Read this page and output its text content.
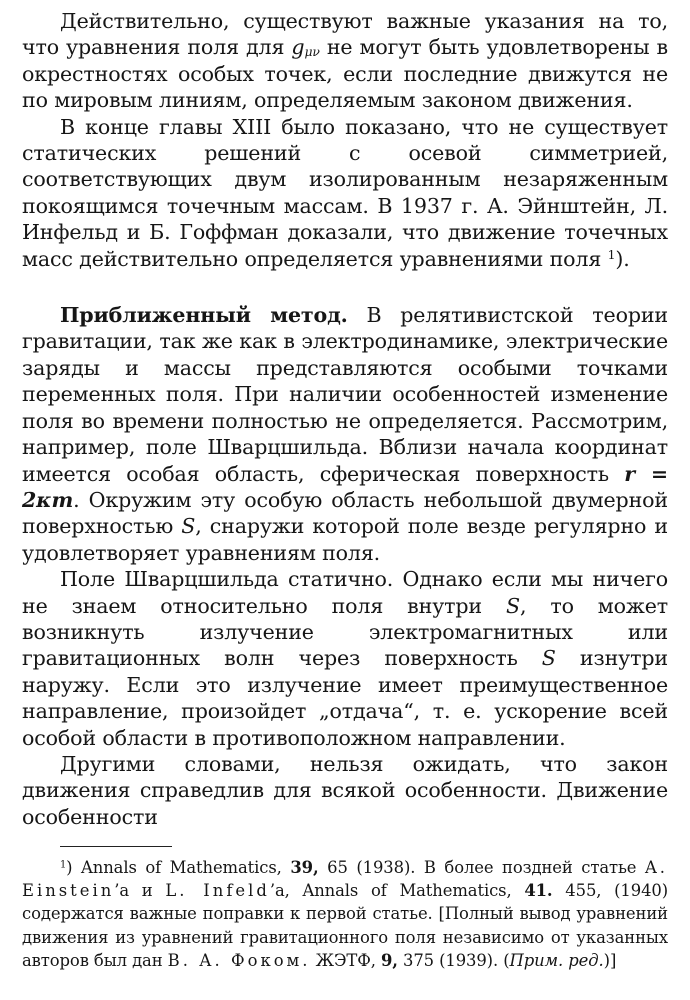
Действительно, существуют важные указания на то, что уравнения поля для $g_{\mu\nu}$ не могут быть удовлетворены в окрестностях особых точек, если последние движутся не по мировым линиям, определяемым законом движения.

В конце главы XIII было показано, что не существует статических решений с осевой симметрией, соответствующих двум изолированным незаряженным покоящимся точечным массам. В 1937 г. А. Эйнштейн, Л. Инфельд и Б. Гоффман доказали, что движение точечных масс действительно определяется уравнениями поля $^1$).

Приближенный метод. В релятивистской теории гравитации, так же как в электродинамике, электрические заряды и массы представляются особыми точками переменных поля. При наличии особенностей изменение поля во времени полностью не определяется. Рассмотрим, например, поле Шварцшильда. Вблизи начала координат имеется особая область, сферическая поверхность r = 2κm. Окружим эту особую область небольшой двумерной поверхностью S, снаружи которой поле везде регулярно и удовлетворяет уравнениям поля.

Поле Шварцшильда статично. Однако если мы ничего не знаем относительно поля внутри S, то может возникнуть излучение электромагнитных или гравитационных волн через поверхность S изнутри наружу. Если это излучение имеет преимущественное направление, произойдет „отдача“, т. е. ускорение всей особой области в противоположном направлении.

Другими словами, нельзя ожидать, что закон движения справедлив для всякой особенности. Движение особенности

$^1$) Annals of Mathematics, 39, 65 (1938). В более поздней статье A. Einstein’a и L. Infeld’a, Annals of Mathematics, 41. 455, (1940) содержатся важные поправки к первой статье. [Полный вывод уравнений движения из уравнений гравитационного поля независимо от указанных авторов был дан В. А. Фоком. ЖЭТФ, 9, 375 (1939). (Прим. ред.)]
